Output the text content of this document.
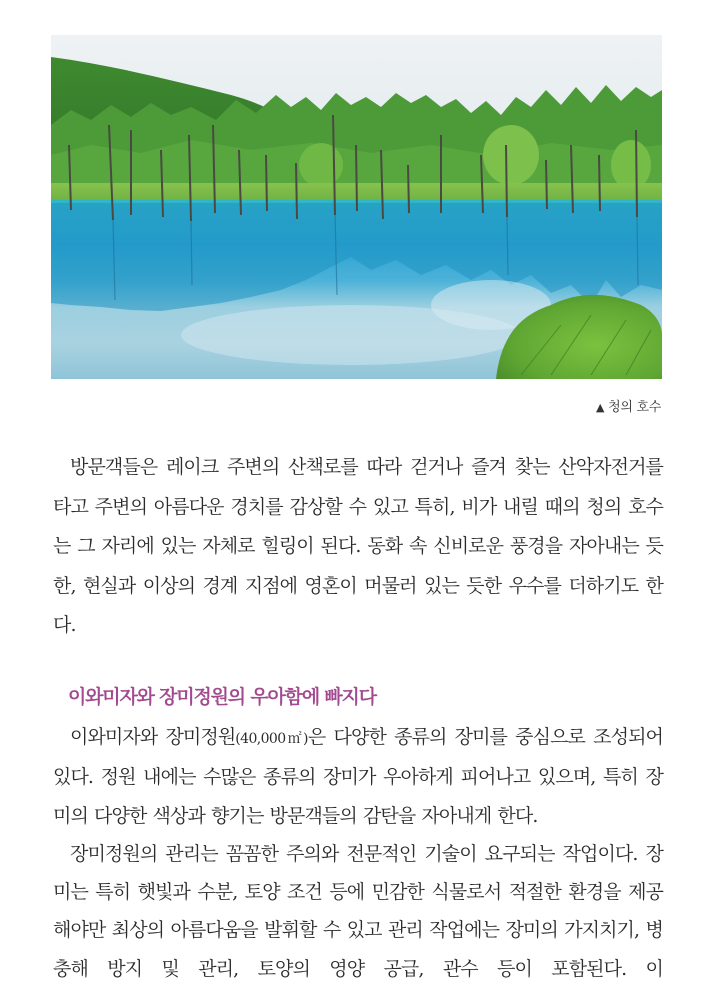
▲ 청의 호수

방문객들은 레이크 주변의 산책로를 따라 걷거나 즐겨 찾는 산악자전거를 타고 주변의 아름다운 경치를 감상할 수 있고 특히, 비가 내릴 때의 청의 호수는 그 자리에 있는 자체로 힐링이 된다. 동화 속 신비로운 풍경을 자아내는 듯한, 현실과 이상의 경계 지점에 영혼이 머물러 있는 듯한 우수를 더하기도 한다.

이와미자와 장미정원의 우아함에 빠지다

이와미자와 장미정원(40,000㎡)은 다양한 종류의 장미를 중심으로 조성되어 있다. 정원 내에는 수많은 종류의 장미가 우아하게 피어나고 있으며, 특히 장미의 다양한 색상과 향기는 방문객들의 감탄을 자아내게 한다.

장미정원의 관리는 꼼꼼한 주의와 전문적인 기술이 요구되는 작업이다. 장미는 특히 햇빛과 수분, 토양 조건 등에 민감한 식물로서 적절한 환경을 제공해야만 최상의 아름다움을 발휘할 수 있고 관리 작업에는 장미의 가지치기, 병충해 방지 및 관리, 토양의 영양 공급, 관수 등이 포함된다. 이
